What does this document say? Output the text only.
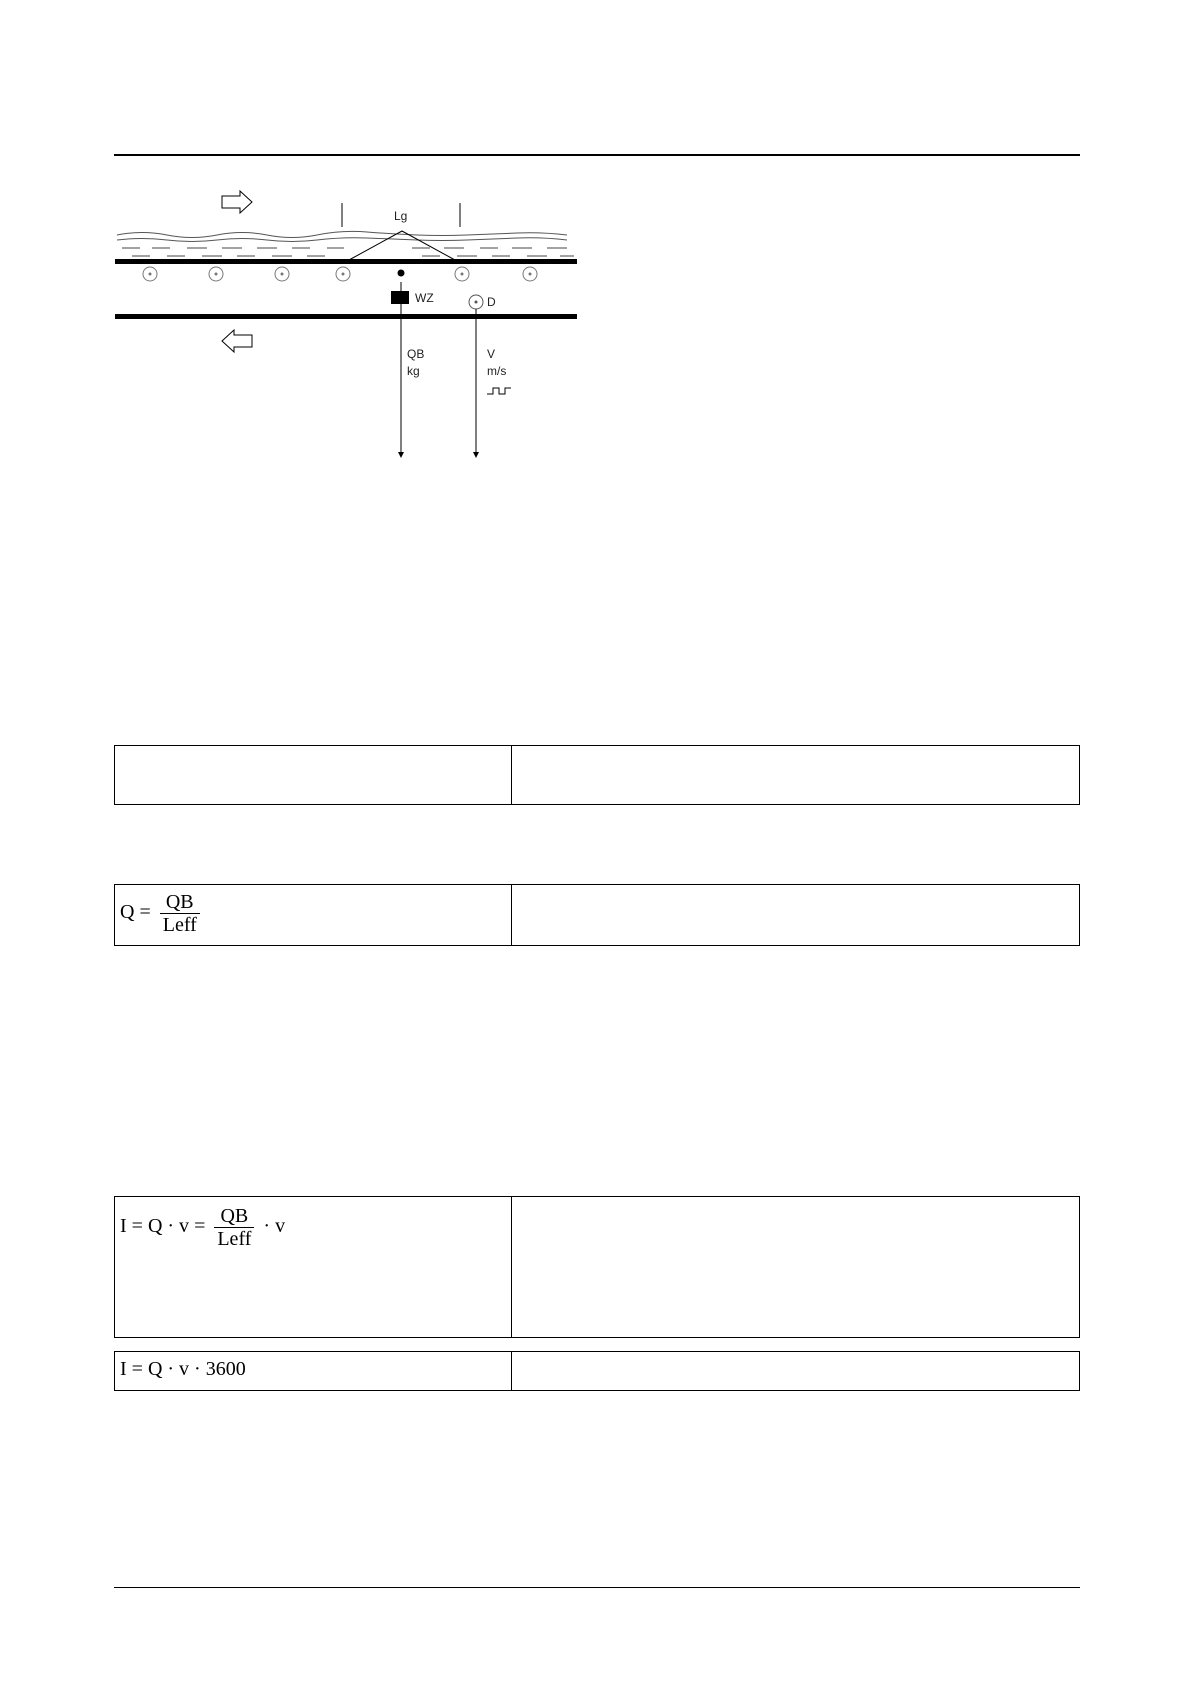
Lg
WZ	D
QB
kg
V
m/s
$Q = \frac{QB}{\text{Leff}}$
$I = Q \cdot v = \frac{QB}{\text{Leff}} \cdot v$
I = Q · v · 3600
